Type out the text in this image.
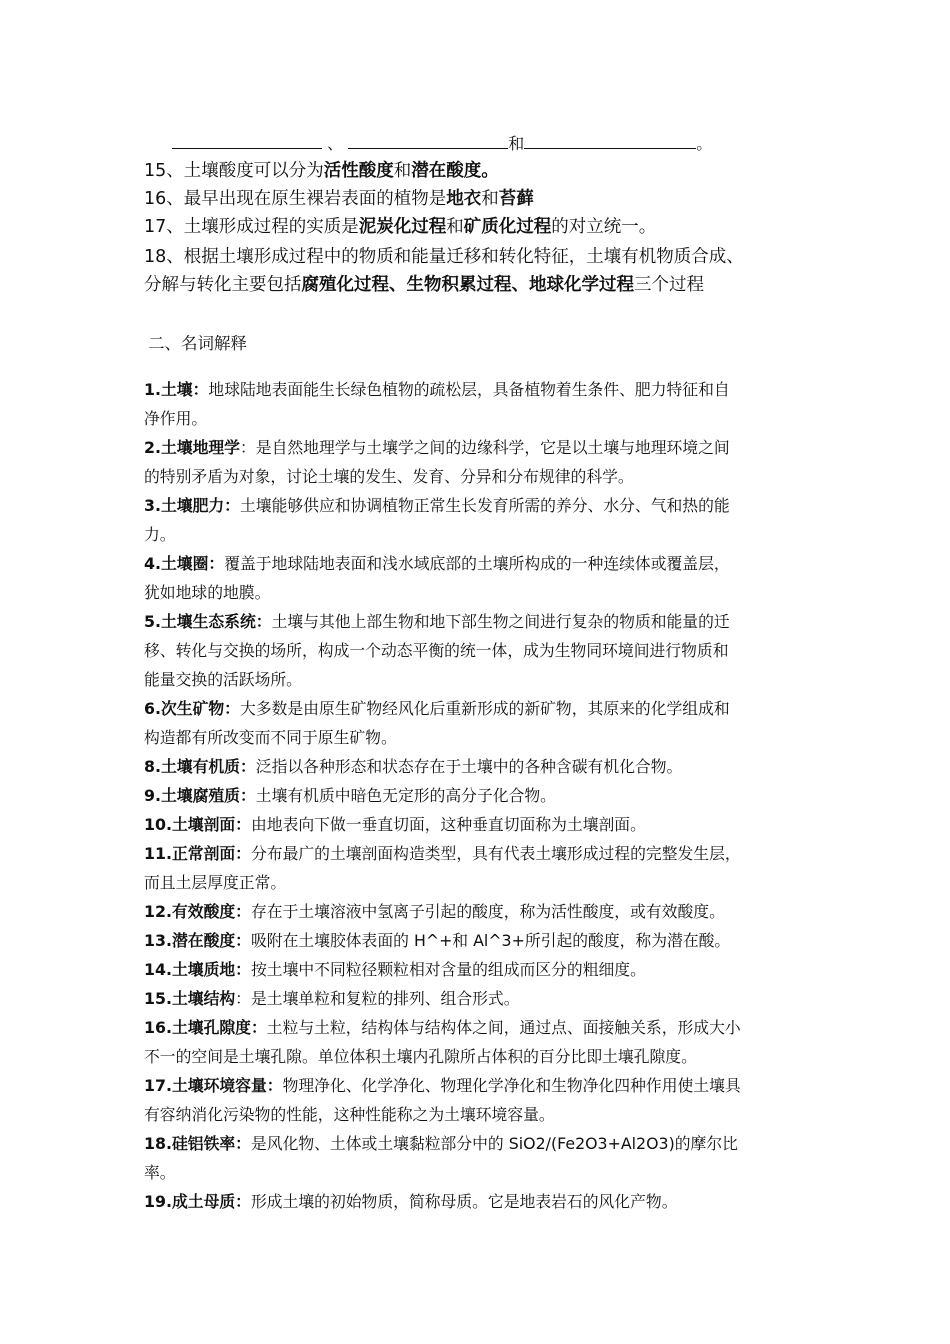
、	和	。
15、土壤酸度可以分为活性酸度和潜在酸度。
16、最早出现在原生裸岩表面的植物是地衣和苔藓
17、土壤形成过程的实质是泥炭化过程和矿质化过程的对立统一。
18、根据土壤形成过程中的物质和能量迁移和转化特征，土壤有机物质合成、
分解与转化主要包括腐殖化过程、生物积累过程、地球化学过程三个过程
二、名词解释

1.土壤：地球陆地表面能生长绿色植物的疏松层，具备植物着生条件、肥力特征和自
净作用。

2.土壤地理学：是自然地理学与土壤学之间的边缘科学，它是以土壤与地理环境之间
的特别矛盾为对象，讨论土壤的发生、发育、分异和分布规律的科学。

3.土壤肥力：土壤能够供应和协调植物正常生长发育所需的养分、水分、气和热的能
力。

4.土壤圈：覆盖于地球陆地表面和浅水域底部的土壤所构成的一种连续体或覆盖层，
犹如地球的地膜。

5.土壤生态系统：土壤与其他上部生物和地下部生物之间进行复杂的物质和能量的迁
移、转化与交换的场所，构成一个动态平衡的统一体，成为生物同环境间进行物质和
能量交换的活跃场所。

6.次生矿物：大多数是由原生矿物经风化后重新形成的新矿物，其原来的化学组成和
构造都有所改变而不同于原生矿物。

8.土壤有机质：泛指以各种形态和状态存在于土壤中的各种含碳有机化合物。

9.土壤腐殖质：土壤有机质中暗色无定形的高分子化合物。

10.土壤剖面：由地表向下做一垂直切面，这种垂直切面称为土壤剖面。

11.正常剖面：分布最广的土壤剖面构造类型，具有代表土壤形成过程的完整发生层，
而且土层厚度正常。

12.有效酸度：存在于土壤溶液中氢离子引起的酸度，称为活性酸度，或有效酸度。

13.潜在酸度：吸附在土壤胶体表面的 H^+和 Al^3+所引起的酸度，称为潜在酸。

14.土壤质地：按土壤中不同粒径颗粒相对含量的组成而区分的粗细度。

15.土壤结构：是土壤单粒和复粒的排列、组合形式。

16.土壤孔隙度：土粒与土粒，结构体与结构体之间，通过点、面接触关系，形成大小
不一的空间是土壤孔隙。单位体积土壤内孔隙所占体积的百分比即土壤孔隙度。

17.土壤环境容量：物理净化、化学净化、物理化学净化和生物净化四种作用使土壤具
有容纳消化污染物的性能，这种性能称之为土壤环境容量。

18.硅铝铁率：是风化物、土体或土壤黏粒部分中的 SiO2/(Fe2O3+Al2O3)的摩尔比
率。

19.成土母质：形成土壤的初始物质，简称母质。它是地表岩石的风化产物。
